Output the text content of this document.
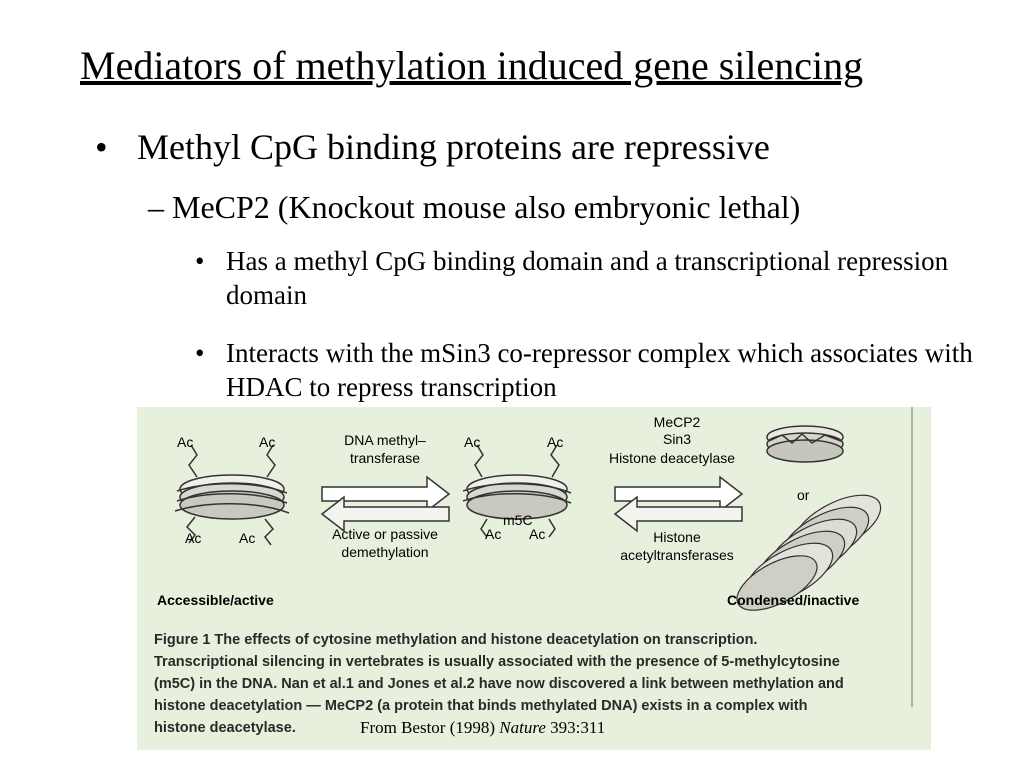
Mediators of methylation induced gene silencing
• Methyl CpG binding proteins are repressive
– MeCP2 (Knockout mouse also embryonic lethal)
• Has a methyl CpG binding domain and a transcriptional repression domain
• Interacts with the mSin3 co-repressor complex which associates with HDAC to repress transcription
Ac	Ac
Ac	Ac
DNA methyl–
transferase
Active or passive
demethylation
Ac	Ac
Ac Ac
m5C
MeCP2
Sin3
Histone deacetylase
Histone
acetyltransferases
or
Accessible/active	Condensed/inactive
Figure 1 The effects of cytosine methylation and histone deacetylation on transcription.
Transcriptional silencing in vertebrates is usually associated with the presence of 5-methylcytosine
(m5C) in the DNA. Nan et al.1 and Jones et al.2 have now discovered a link between methylation and
histone deacetylation — MeCP2 (a protein that binds methylated DNA) exists in a complex with
histone deacetylase.	From Bestor (1998) Nature 393:311
